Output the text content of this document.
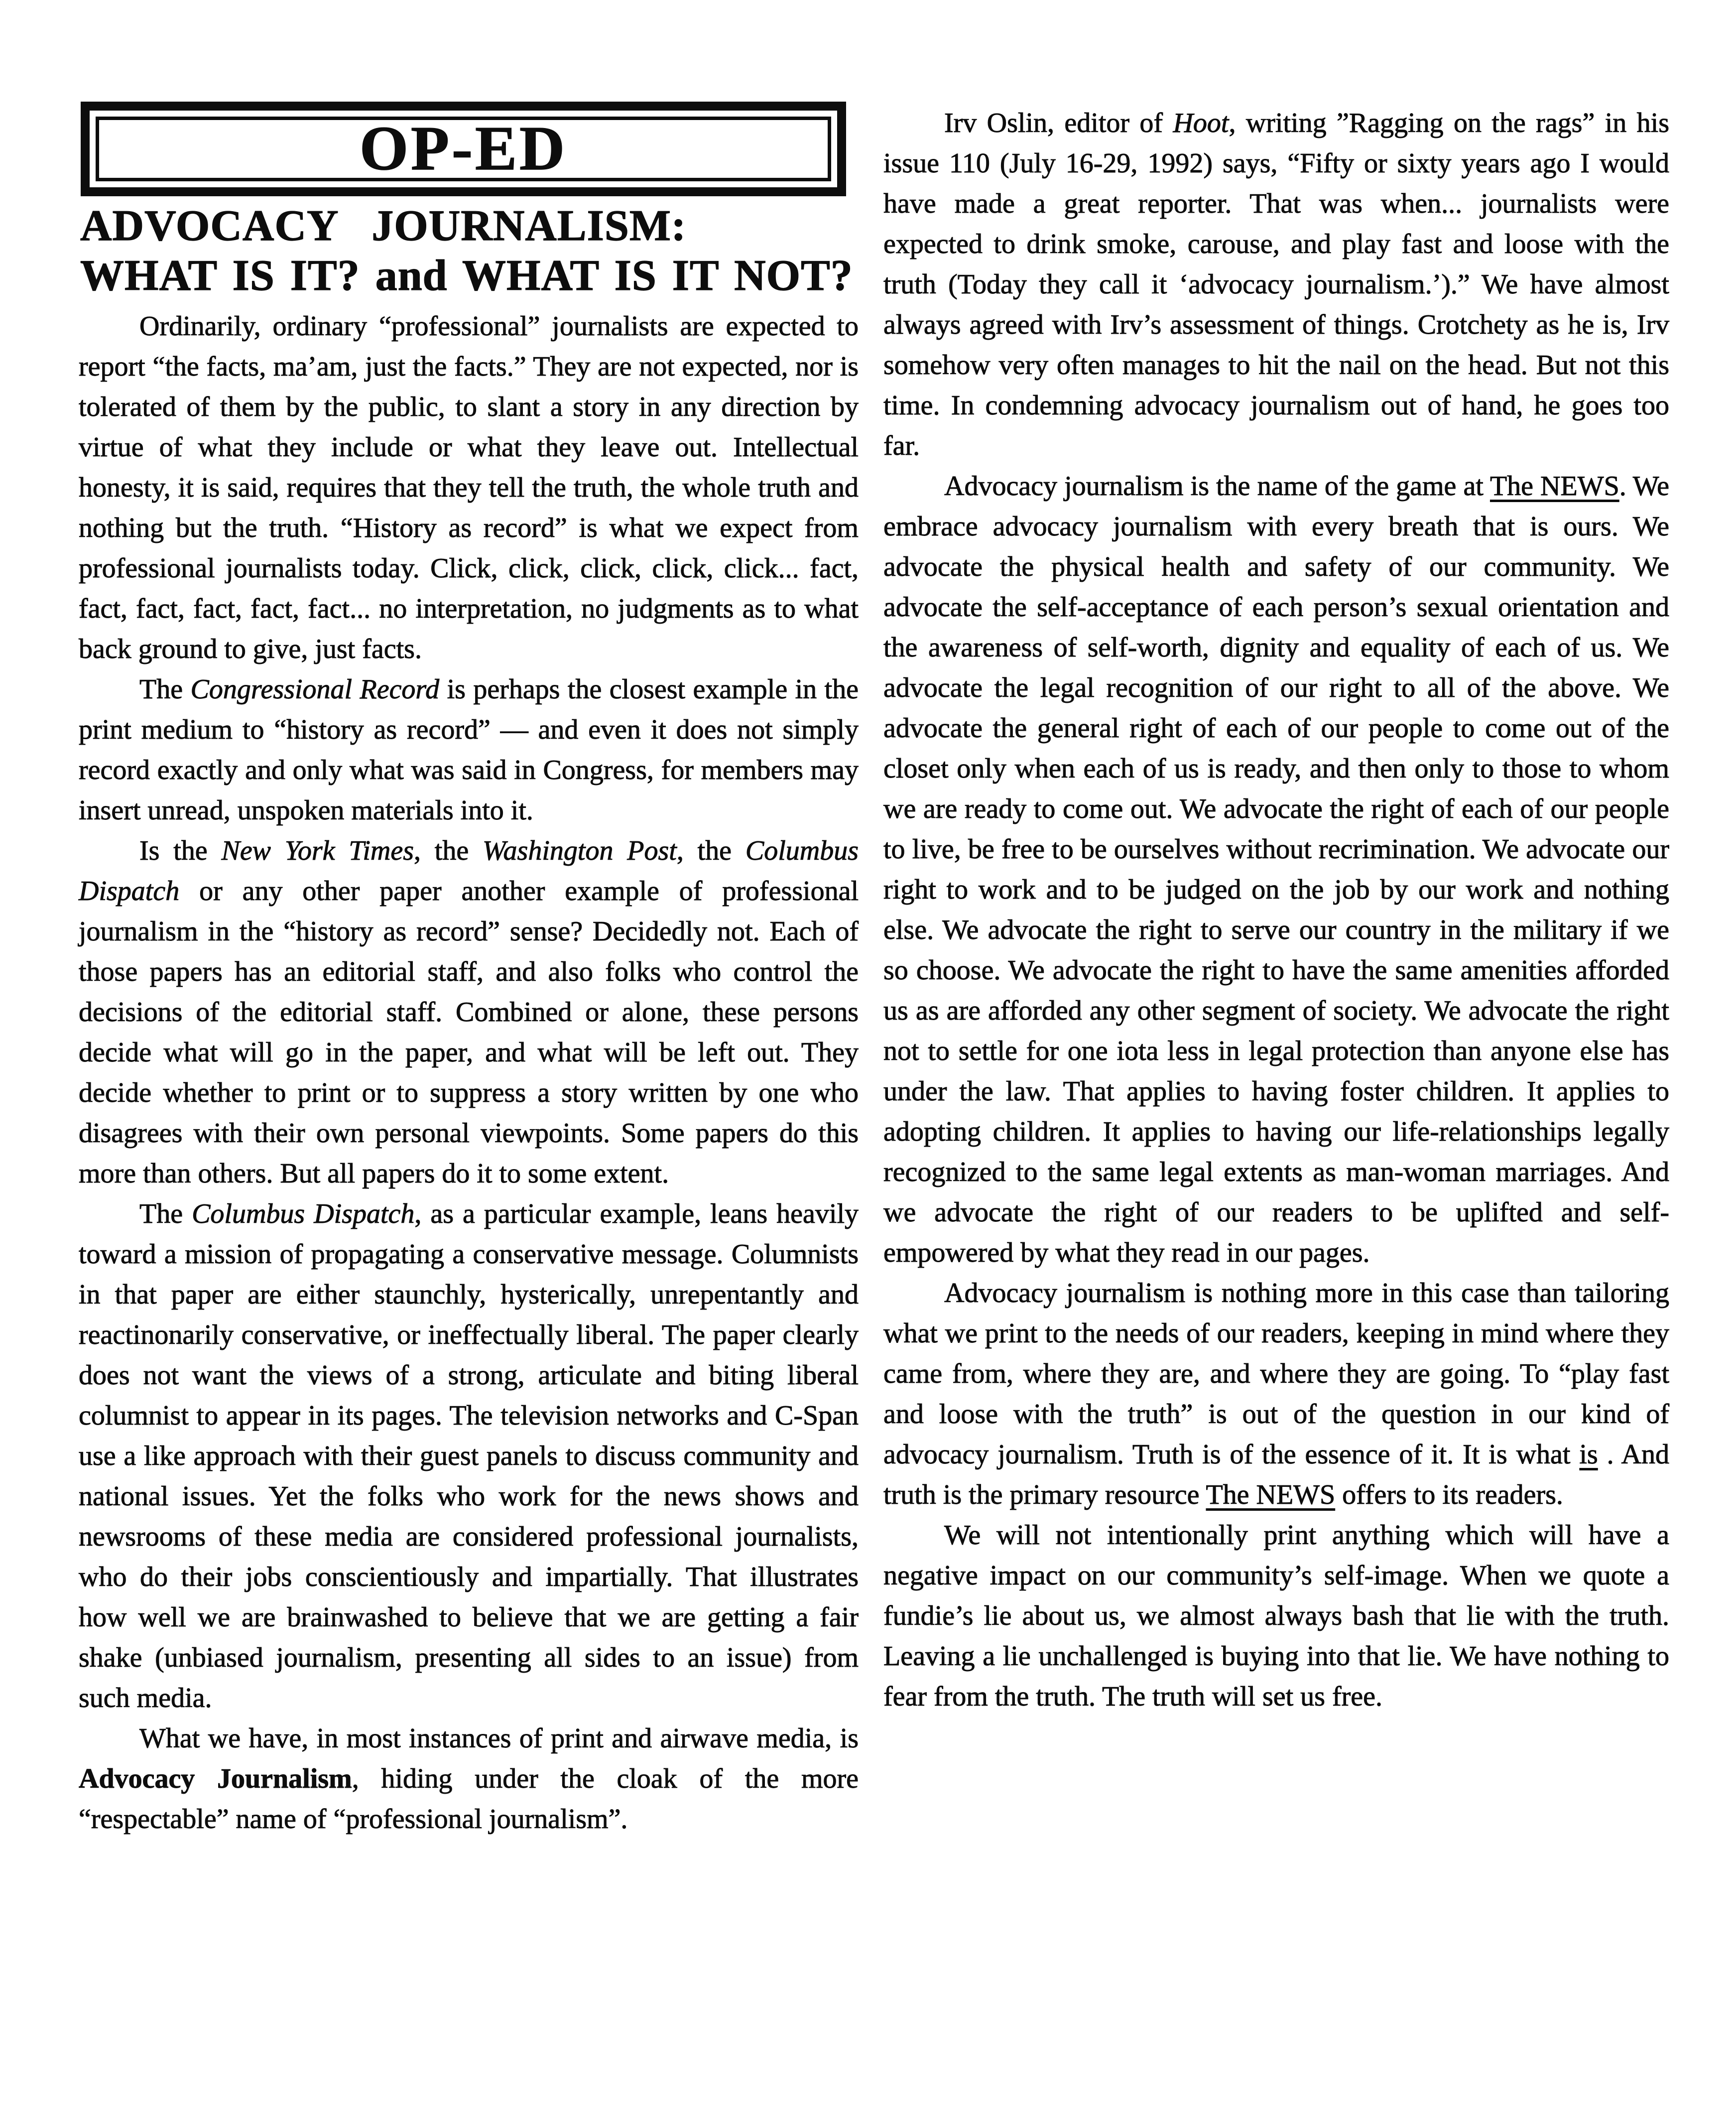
OP-ED
ADVOCACY JOURNALISM:
WHAT IS IT? and WHAT IS IT NOT?

Ordinarily, ordinary “professional” journalists are expected to report “the facts, ma’am, just the facts.” They are not expected, nor is tolerated of them by the public, to slant a story in any direction by virtue of what they include or what they leave out. Intellectual honesty, it is said, requires that they tell the truth, the whole truth and nothing but the truth. “History as record” is what we expect from professional journalists today. Click, click, click, click, click... fact, fact, fact, fact, fact, fact... no interpretation, no judgments as to what back ground to give, just facts.

The Congressional Record is perhaps the closest example in the print medium to “history as record” — and even it does not simply record exactly and only what was said in Congress, for members may insert unread, unspoken materials into it.

Is the New York Times, the Washington Post, the Columbus Dispatch or any other paper another example of professional journalism in the “history as record” sense? Decidedly not. Each of those papers has an editorial staff, and also folks who control the decisions of the editorial staff. Combined or alone, these persons decide what will go in the paper, and what will be left out. They decide whether to print or to suppress a story written by one who disagrees with their own personal viewpoints. Some papers do this more than others. But all papers do it to some extent.

The Columbus Dispatch, as a particular example, leans heavily toward a mission of propagating a conservative message. Columnists in that paper are either staunchly, hysterically, unrepentantly and reactinonarily conservative, or ineffectually liberal. The paper clearly does not want the views of a strong, articulate and biting liberal columnist to appear in its pages. The television networks and C-Span use a like approach with their guest panels to discuss community and national issues. Yet the folks who work for the news shows and newsrooms of these media are considered professional journalists, who do their jobs conscientiously and impartially. That illustrates how well we are brainwashed to believe that we are getting a fair shake (unbiased journalism, presenting all sides to an issue) from such media.

What we have, in most instances of print and airwave media, is Advocacy Journalism, hiding under the cloak of the more “respectable” name of “professional journalism”.

Irv Oslin, editor of Hoot, writing ”Ragging on the rags” in his issue 110 (July 16-29, 1992) says, “Fifty or sixty years ago I would have made a great reporter. That was when... journalists were expected to drink smoke, carouse, and play fast and loose with the truth (Today they call it ‘advocacy journalism.’).” We have almost always agreed with Irv’s assessment of things. Crotchety as he is, Irv somehow very often manages to hit the nail on the head. But not this time. In condemning advocacy journalism out of hand, he goes too far.

Advocacy journalism is the name of the game at The NEWS. We embrace advocacy journalism with every breath that is ours. We advocate the physical health and safety of our community. We advocate the self-acceptance of each person’s sexual orientation and the awareness of self-worth, dignity and equality of each of us. We advocate the legal recognition of our right to all of the above. We advocate the general right of each of our people to come out of the closet only when each of us is ready, and then only to those to whom we are ready to come out. We advocate the right of each of our people to live, be free to be ourselves without recrimination. We advocate our right to work and to be judged on the job by our work and nothing else. We advocate the right to serve our country in the military if we so choose. We advocate the right to have the same amenities afforded us as are afforded any other segment of society. We advocate the right not to settle for one iota less in legal protection than anyone else has under the law. That applies to having foster children. It applies to adopting children. It applies to having our life-relationships legally recognized to the same legal extents as man-woman marriages. And we advocate the right of our readers to be uplifted and self-empowered by what they read in our pages.

Advocacy journalism is nothing more in this case than tailoring what we print to the needs of our readers, keeping in mind where they came from, where they are, and where they are going. To “play fast and loose with the truth” is out of the question in our kind of advocacy journalism. Truth is of the essence of it. It is what is . And truth is the primary resource The NEWS offers to its readers.

We will not intentionally print anything which will have a negative impact on our community’s self-image. When we quote a fundie’s lie about us, we almost always bash that lie with the truth. Leaving a lie unchallenged is buying into that lie. We have nothing to fear from the truth. The truth will set us free.
